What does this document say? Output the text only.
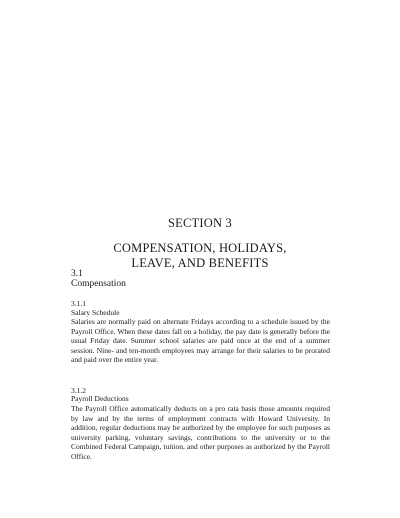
SECTION 3
COMPENSATION, HOLIDAYS,
LEAVE, AND BENEFITS
3.1
Compensation
3.1.1
Salary Schedule

Salaries are normally paid on alternate Fridays according to a schedule issued by the Payroll Office. When these dates fall on a holiday, the pay date is generally before the usual Friday date. Summer school salaries are paid once at the end of a summer session. Nine- and ten-month employees may arrange for their salaries to be prorated and paid over the entire year.

3.1.2
Payroll Deductions

The Payroll Office automatically deducts on a pro rata basis those amounts required by law and by the terms of employment contracts with Howard University. In addition, regular deductions may be authorized by the employee for such purposes as university parking, voluntary savings, contributions to the university or to the Combined Federal Campaign, tuition, and other purposes as authorized by the Payroll Office.
